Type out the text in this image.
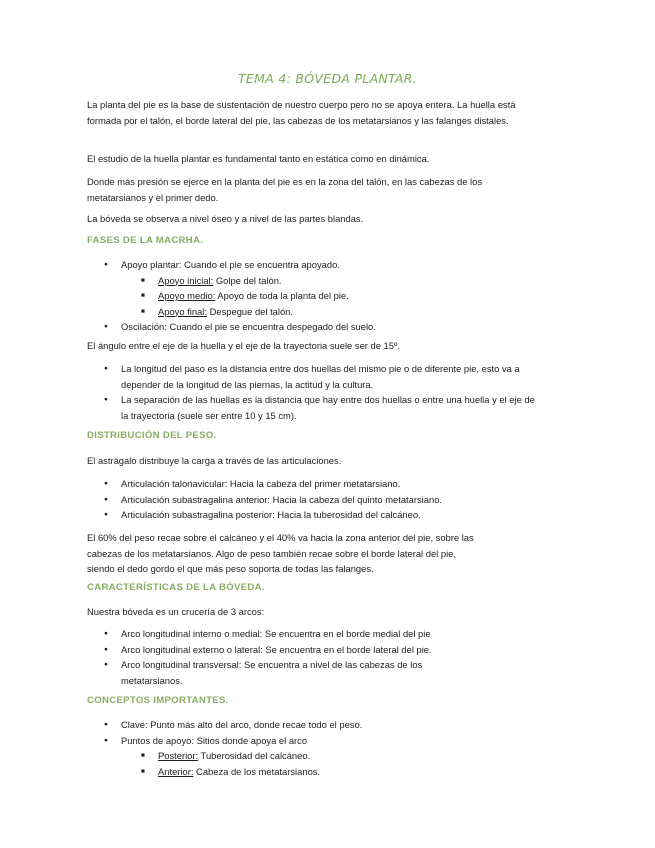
TEMA 4: BÓVEDA PLANTAR.
La planta del pie es la base de sustentación de nuestro cuerpo pero no se apoya entera. La huella está formada por el talón, el borde lateral del pie, las cabezas de los metatarsianos y las falanges distales.
El estudio de la huella plantar es fundamental tanto en estática como en dinámica.
Donde más presión se ejerce en la planta del pie es en la zona del talón, en las cabezas de los metatarsianos y el primer dedo.
La bóveda se observa a nivel óseo y a nivel de las partes blandas.
FASES DE LA MACRHA.
● Apoyo plantar: Cuando el pie se encuentra apoyado.
■ Apoyo inicial: Golpe del talón.
■ Apoyo medio: Apoyo de toda la planta del pie.
■ Apoyo final: Despegue del talón.
● Oscilación: Cuando el pie se encuentra despegado del suelo.
El ángulo entre el eje de la huella y el eje de la trayectoria suele ser de 15º.
● La longitud del paso es la distancia entre dos huellas del mismo pie o de diferente pie, esto va a depender de la longitud de las piernas, la actitud y la cultura.
● La separación de las huellas es la distancia que hay entre dos huellas o entre una huella y el eje de la trayectoria (suele ser entre 10 y 15 cm).
DISTRIBUCIÓN DEL PESO.
El astrágalo distribuye la carga a través de las articulaciones.
● Articulación talonavicular: Hacia la cabeza del primer metatarsiano.
● Articulación subastragalina anterior: Hacia la cabeza del quinto metatarsiano.
● Articulación subastragalina posterior: Hacia la tuberosidad del calcáneo.
El 60% del peso recae sobre el calcáneo y el 40% va hacia la zona anterior del pie, sobre las
cabezas de los metatarsianos. Algo de peso también recae sobre el borde lateral del pie,
siendo el dedo gordo el que más peso soporta de todas las falanges.
CARACTERÍSTICAS DE LA BÓVEDA.
Nuestra bóveda es un crucería de 3 arcos:
● Arco longitudinal interno o medial: Se encuentra en el borde medial del pie
● Arco longitudinal externo o lateral: Se encuentra en el borde lateral del pie.
● Arco longitudinal transversal: Se encuentra a nivel de las cabezas de los metatarsianos.
CONCEPTOS IMPORTANTES.
● Clave: Punto más alto del arco, donde recae todo el peso.
● Puntos de apoyo: Sitios donde apoya el arco
■ Posterior: Tuberosidad del calcáneo.
■ Anterior: Cabeza de los metatarsianos.
